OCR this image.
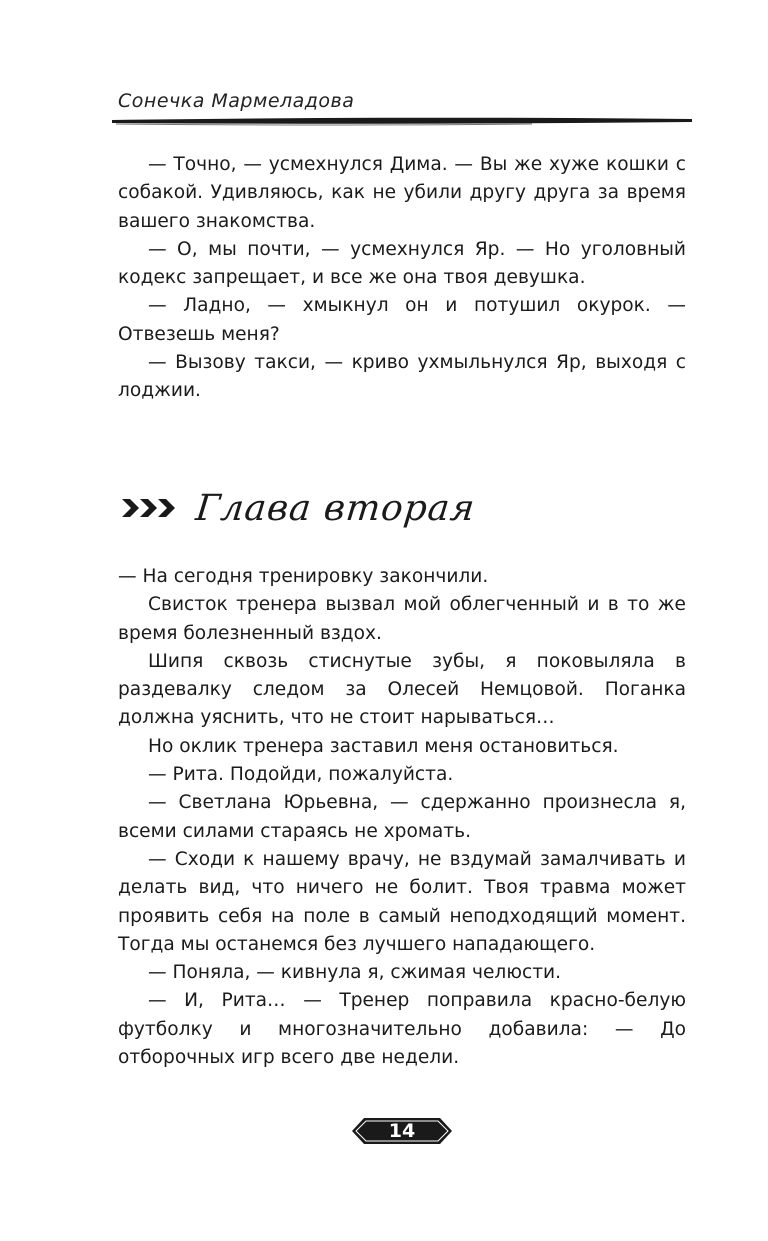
Сонечка Мармеладова

— Точно, — усмехнулся Дима. — Вы же хуже кошки с собакой. Удивляюсь, как не убили другу друга за время вашего знакомства.

— О, мы почти, — усмехнулся Яр. — Но уголовный кодекс запрещает, и все же она твоя девушка.

— Ладно, — хмыкнул он и потушил окурок. — Отвезешь меня?

— Вызову такси, — криво ухмыльнулся Яр, выходя с лоджии.

Глава вторая

— На сегодня тренировку закончили.

Свисток тренера вызвал мой облегченный и в то же время болезненный вздох.

Шипя сквозь стиснутые зубы, я поковыляла в раздевалку следом за Олесей Немцовой. Поганка должна уяснить, что не стоит нарываться…

Но оклик тренера заставил меня остановиться.

— Рита. Подойди, пожалуйста.

— Светлана Юрьевна, — сдержанно произнесла я, всеми силами стараясь не хромать.

— Сходи к нашему врачу, не вздумай замалчивать и делать вид, что ничего не болит. Твоя травма может проявить себя на поле в самый неподходящий момент. Тогда мы останемся без лучшего нападающего.

— Поняла, — кивнула я, сжимая челюсти.

— И, Рита… — Тренер поправила красно-белую футболку и многозначительно добавила: — До отборочных игр всего две недели.

14
